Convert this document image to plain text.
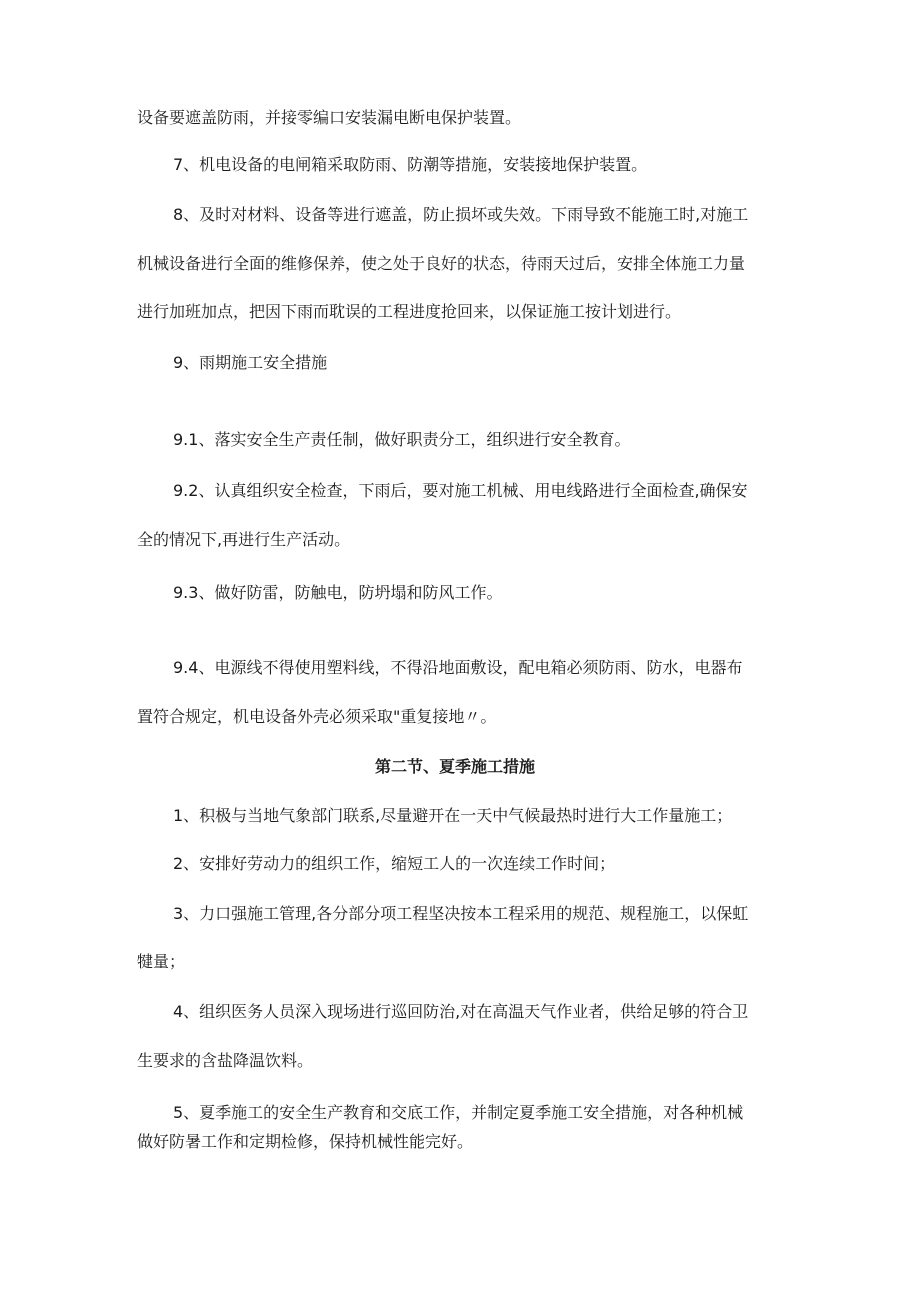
设备要遮盖防雨，并接零编口安装漏电断电保护装置。

7、机电设备的电闸箱采取防雨、防潮等措施，安装接地保护装置。

8、及时对材料、设备等进行遮盖，防止损坏或失效。下雨导致不能施工时,对施工

机械设备进行全面的维修保养，使之处于良好的状态，待雨天过后，安排全体施工力量

进行加班加点，把因下雨而耽误的工程进度抢回来，以保证施工按计划进行。

9、雨期施工安全措施

9.1、落实安全生产责任制，做好职责分工，组织进行安全教育。

9.2、认真组织安全检查，下雨后，要对施工机械、用电线路进行全面检查,确保安

全的情况下,再进行生产活动。

9.3、做好防雷，防触电，防坍塌和防风工作。

9.4、电源线不得使用塑料线，不得沿地面敷设，配电箱必须防雨、防水，电器布

置符合规定，机电设备外壳必须采取"重复接地〃。

第二节、夏季施工措施

1、积极与当地气象部门联系,尽量避开在一天中气候最热时进行大工作量施工；

2、安排好劳动力的组织工作，缩短工人的一次连续工作时间；

3、力口强施工管理,各分部分项工程坚决按本工程采用的规范、规程施工，以保虹

犍量；

4、组织医务人员深入现场进行巡回防治,对在高温天气作业者，供给足够的符合卫

生要求的含盐降温饮料。

5、夏季施工的安全生产教育和交底工作，并制定夏季施工安全措施，对各种机械

做好防暑工作和定期检修，保持机械性能完好。
